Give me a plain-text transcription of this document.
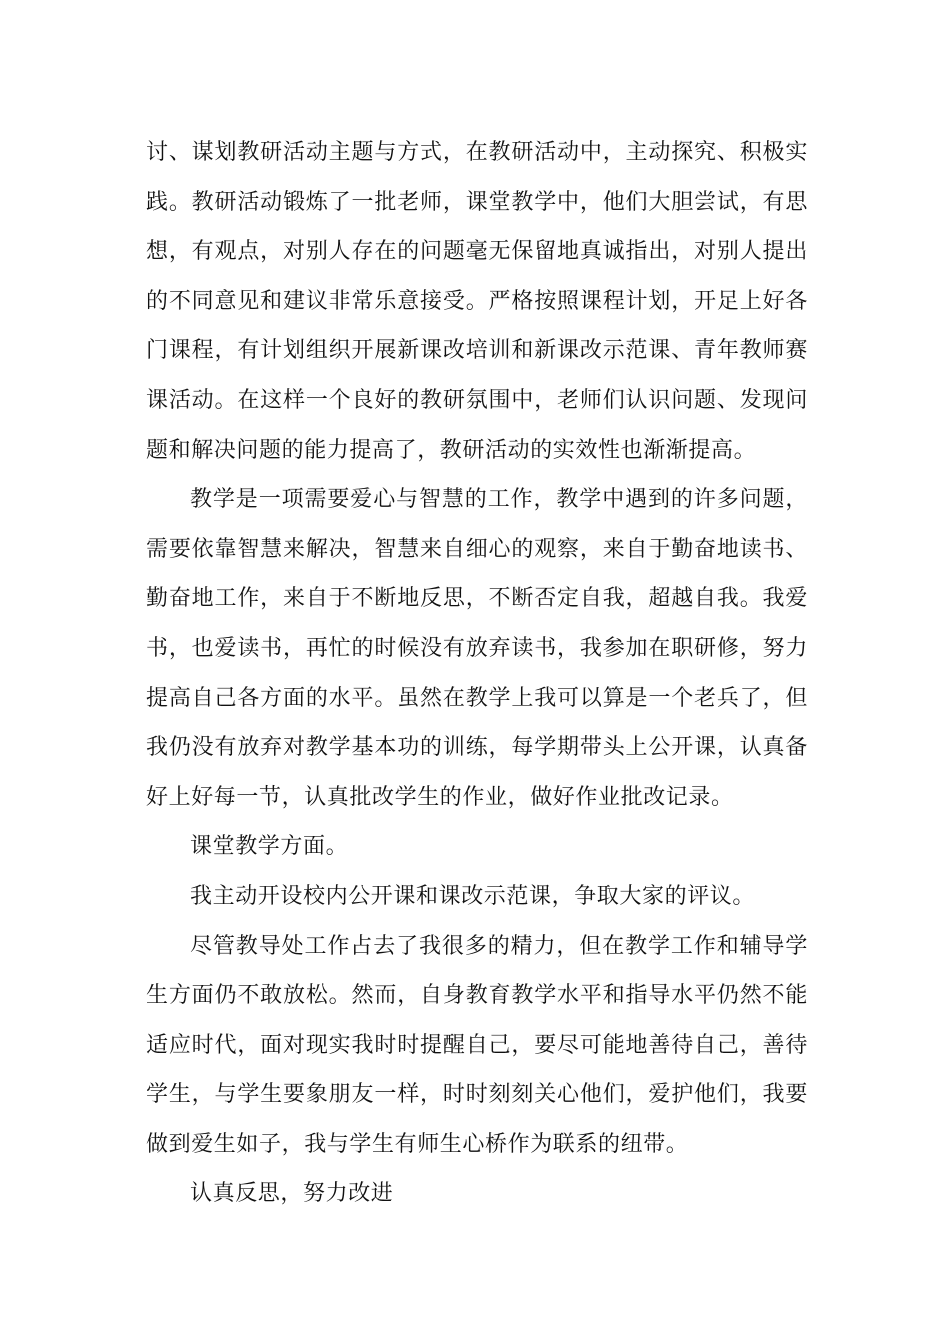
讨、谋划教研活动主题与方式，在教研活动中，主动探究、积极实践。教研活动锻炼了一批老师，课堂教学中，他们大胆尝试，有思想，有观点，对别人存在的问题毫无保留地真诚指出，对别人提出的不同意见和建议非常乐意接受。严格按照课程计划，开足上好各门课程，有计划组织开展新课改培训和新课改示范课、青年教师赛课活动。在这样一个良好的教研氛围中，老师们认识问题、发现问题和解决问题的能力提高了，教研活动的实效性也渐渐提高。

教学是一项需要爱心与智慧的工作，教学中遇到的许多问题，需要依靠智慧来解决，智慧来自细心的观察，来自于勤奋地读书、勤奋地工作，来自于不断地反思，不断否定自我，超越自我。我爱书，也爱读书，再忙的时候没有放弃读书，我参加在职研修，努力提高自己各方面的水平。虽然在教学上我可以算是一个老兵了，但我仍没有放弃对教学基本功的训练，每学期带头上公开课，认真备好上好每一节，认真批改学生的作业，做好作业批改记录。

课堂教学方面。

我主动开设校内公开课和课改示范课，争取大家的评议。

尽管教导处工作占去了我很多的精力，但在教学工作和辅导学生方面仍不敢放松。然而，自身教育教学水平和指导水平仍然不能适应时代，面对现实我时时提醒自己，要尽可能地善待自己，善待学生，与学生要象朋友一样，时时刻刻关心他们，爱护他们，我要做到爱生如子，我与学生有师生心桥作为联系的纽带。

认真反思，努力改进
